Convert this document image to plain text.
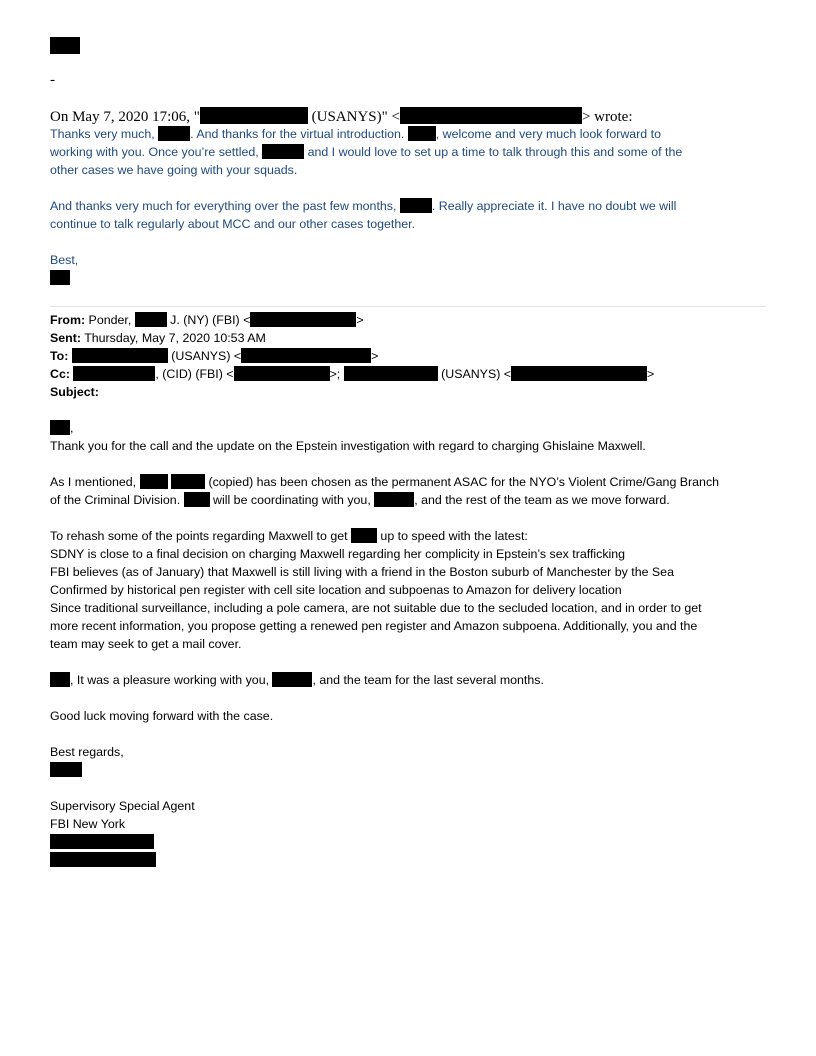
-
On May 7, 2020 17:06, "	(USANYS)" <	> wrote:

Thanks very much,	. And thanks for the virtual introduction. , welcome and very much look forward to

working with you. Once you’re settled,	and I would love to set up a time to talk through this and some of the

other cases we have going with your squads.

And thanks very much for everything over the past few months,	. Really appreciate it. I have no doubt we will

continue to talk regularly about MCC and our other cases together.

Best,

From: Ponder,	J. (NY) (FBI) <	>

Sent: Thursday, May 7, 2020 10:53 AM

To:	(USANYS) <	>

Cc:	, (CID) (FBI) <	>;	(USANYS) <	>

Subject:

,

Thank you for the call and the update on the Epstein investigation with regard to charging Ghislaine Maxwell.

As I mentioned,	(copied) has been chosen as the permanent ASAC for the NYO’s Violent Crime/Gang Branch

of the Criminal Division.  will be coordinating with you,	, and the rest of the team as we move forward.

To rehash some of the points regarding Maxwell to get  up to speed with the latest:

SDNY is close to a final decision on charging Maxwell regarding her complicity in Epstein’s sex trafficking

FBI believes (as of January) that Maxwell is still living with a friend in the Boston suburb of Manchester by the Sea

Confirmed by historical pen register with cell site location and subpoenas to Amazon for delivery location

Since traditional surveillance, including a pole camera, are not suitable due to the secluded location, and in order to get

more recent information, you propose getting a renewed pen register and Amazon subpoena. Additionally, you and the

team may seek to get a mail cover.

, It was a pleasure working with you,	, and the team for the last several months.

Good luck moving forward with the case.

Best regards,

Supervisory Special Agent

FBI New York
